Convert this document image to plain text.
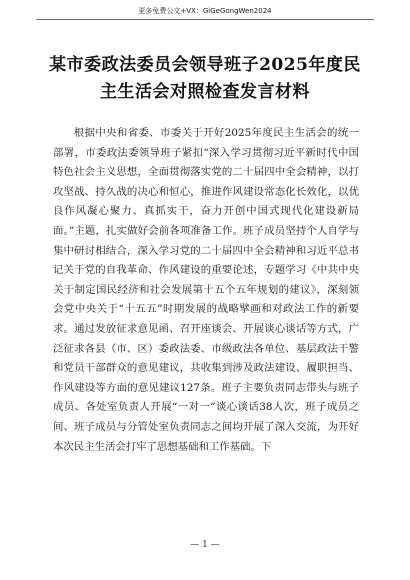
更多免费公文+VX：GiGeGongWen2024
某市委政法委员会领导班子2025年度民
主生活会对照检查发言材料

根据中央和省委、市委关于开好2025年度民主生活会的统一部署，市委政法委领导班子紧扣“深入学习贯彻习近平新时代中国特色社会主义思想，全面贯彻落实党的二十届四中全会精神，以打攻坚战、持久战的决心和恒心，推进作风建设常态化长效化，以优良作风凝心聚力、真抓实干，奋力开创中国式现代化建设新局面。”主题，扎实做好会前各项准备工作。班子成员坚持个人自学与集中研讨相结合，深入学习党的二十届四中全会精神和习近平总书记关于党的自我革命、作风建设的重要论述，专题学习《中共中央关于制定国民经济和社会发展第十五个五年规划的建议》，深刻领会党中央关于“十五五”时期发展的战略擘画和对政法工作的新要求。通过发放征求意见函、召开座谈会、开展谈心谈话等方式，广泛征求各县（市、区）委政法委、市级政法各单位、基层政法干警和党员干部群众的意见建议，共收集到涉及政法建设、履职担当、作风建设等方面的意见建议127条。班子主要负责同志带头与班子成员、各处室负责人开展“一对一”谈心谈话38人次，班子成员之间、班子成员与分管处室负责同志之间均开展了深入交流，为开好本次民主生活会打牢了思想基础和工作基础。下

— 1 —
